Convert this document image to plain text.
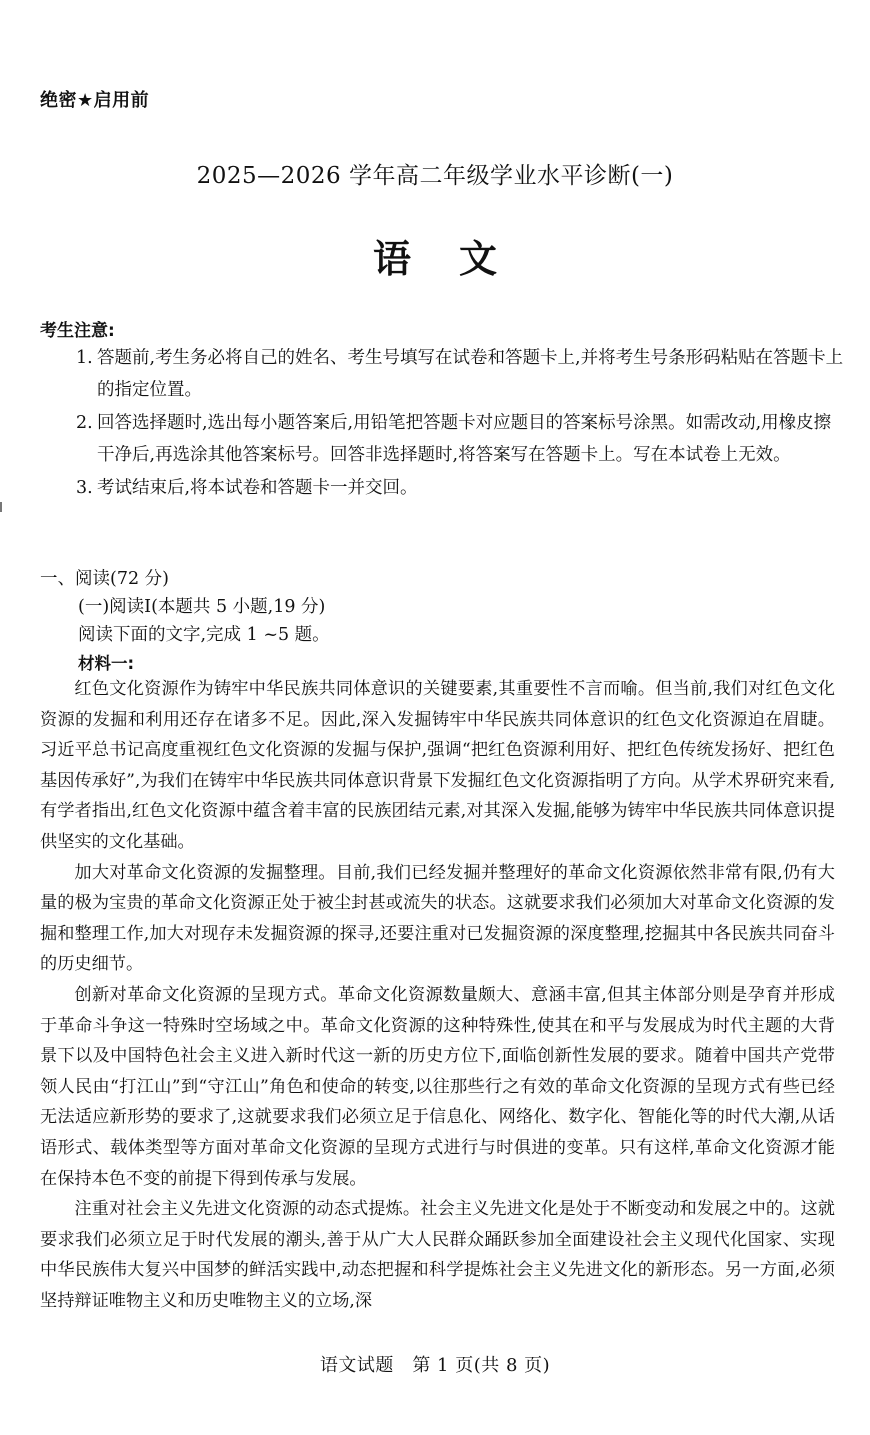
绝密★启用前
2025—2026 学年高二年级学业水平诊断(一)
语文
考生注意:
1. 答题前,考生务必将自己的姓名、考生号填写在试卷和答题卡上,并将考生号条形码粘贴在答题卡上的指定位置。
2. 回答选择题时,选出每小题答案后,用铅笔把答题卡对应题目的答案标号涂黑。如需改动,用橡皮擦干净后,再选涂其他答案标号。回答非选择题时,将答案写在答题卡上。写在本试卷上无效。
3. 考试结束后,将本试卷和答题卡一并交回。
一、阅读(72 分)
(一)阅读Ⅰ(本题共 5 小题,19 分)
阅读下面的文字,完成 1 ~5 题。
材料一:

红色文化资源作为铸牢中华民族共同体意识的关键要素,其重要性不言而喻。但当前,我们对红色文化资源的发掘和利用还存在诸多不足。因此,深入发掘铸牢中华民族共同体意识的红色文化资源迫在眉睫。习近平总书记高度重视红色文化资源的发掘与保护,强调“把红色资源利用好、把红色传统发扬好、把红色基因传承好”,为我们在铸牢中华民族共同体意识背景下发掘红色文化资源指明了方向。从学术界研究来看,有学者指出,红色文化资源中蕴含着丰富的民族团结元素,对其深入发掘,能够为铸牢中华民族共同体意识提供坚实的文化基础。

加大对革命文化资源的发掘整理。目前,我们已经发掘并整理好的革命文化资源依然非常有限,仍有大量的极为宝贵的革命文化资源正处于被尘封甚或流失的状态。这就要求我们必须加大对革命文化资源的发掘和整理工作,加大对现存未发掘资源的探寻,还要注重对已发掘资源的深度整理,挖掘其中各民族共同奋斗的历史细节。

创新对革命文化资源的呈现方式。革命文化资源数量颇大、意涵丰富,但其主体部分则是孕育并形成于革命斗争这一特殊时空场域之中。革命文化资源的这种特殊性,使其在和平与发展成为时代主题的大背景下以及中国特色社会主义进入新时代这一新的历史方位下,面临创新性发展的要求。随着中国共产党带领人民由“打江山”到“守江山”角色和使命的转变,以往那些行之有效的革命文化资源的呈现方式有些已经无法适应新形势的要求了,这就要求我们必须立足于信息化、网络化、数字化、智能化等的时代大潮,从话语形式、载体类型等方面对革命文化资源的呈现方式进行与时俱进的变革。只有这样,革命文化资源才能在保持本色不变的前提下得到传承与发展。

注重对社会主义先进文化资源的动态式提炼。社会主义先进文化是处于不断变动和发展之中的。这就要求我们必须立足于时代发展的潮头,善于从广大人民群众踊跃参加全面建设社会主义现代化国家、实现中华民族伟大复兴中国梦的鲜活实践中,动态把握和科学提炼社会主义先进文化的新形态。另一方面,必须坚持辩证唯物主义和历史唯物主义的立场,深

语文试题　第 1 页(共 8 页)
